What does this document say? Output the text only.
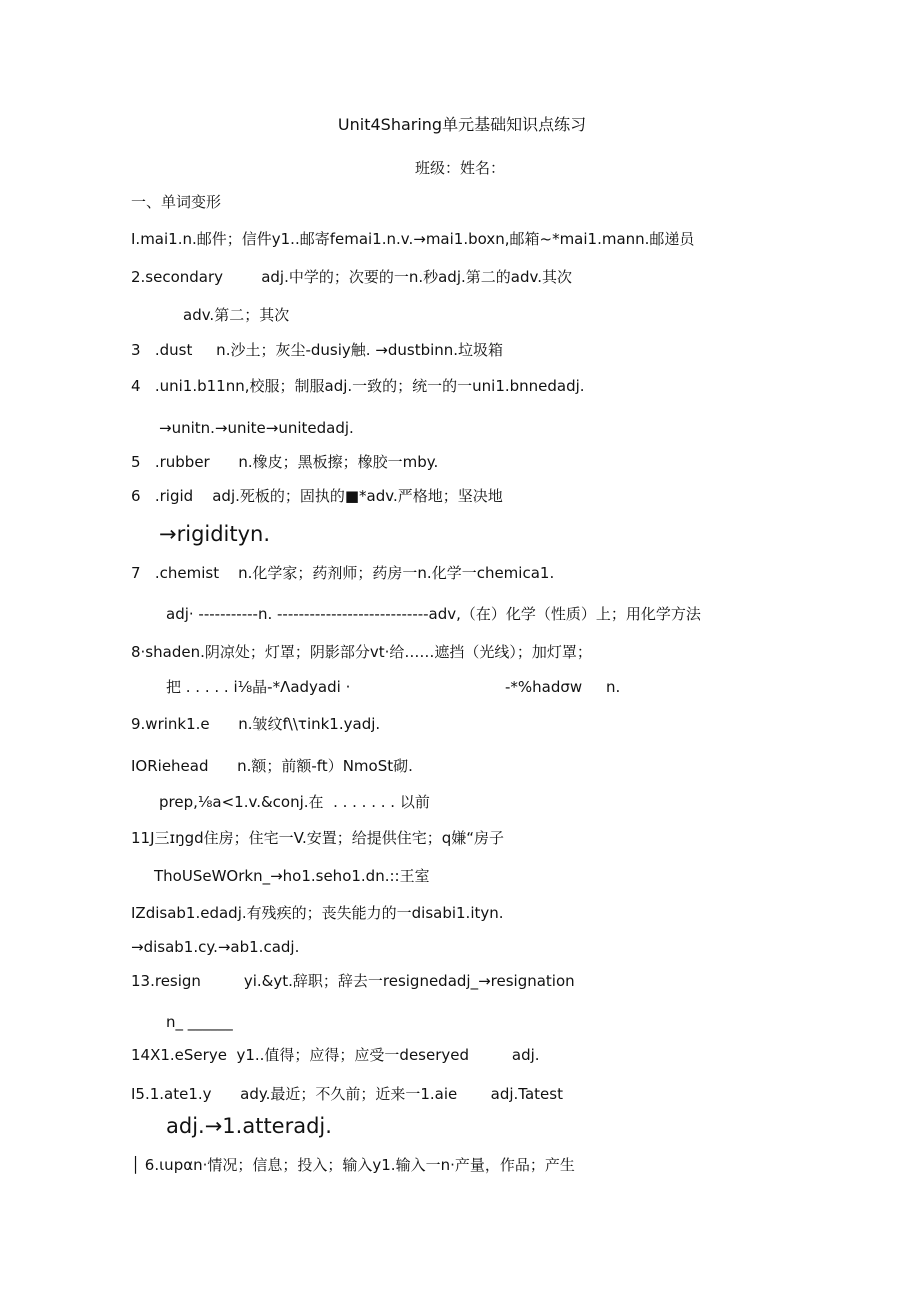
Unit4Sharing单元基础知识点练习
班级：姓名：
一、单词变形
I.mai1.n.邮件；信件y1..邮寄femai1.n.v.→mai1.boxn,邮箱~*mai1.mann.邮递员
2.secondary        adj.中学的；次要的一n.秒adj.第二的adv.其次
adv.第二；其次
3   .dust     n.沙土；灰尘-dusiy触. →dustbinn.垃圾箱
4   .uni1.b11nn,校服；制服adj.一致的；统一的一uni1.bnnedadj.
→unitn.→unite→unitedadj.
5   .rubber      n.橡皮；黑板擦；橡胶一mby.
6   .rigid    adj.死板的；固执的■*adv.严格地；坚决地
→rigidityn.
7   .chemist    n.化学家；药剂师；药房一n.化学一chemica1.
adj· -----------n. ----------------------------adv,（在）化学（性质）上；用化学方法
8·shaden.阴凉处；灯罩；阴影部分vt·给……遮挡（光线）；加灯罩；
把 . . . . . i⅛晶-*Λadyadi ·	-*%hadσw     n.
9.wrink1.e      n.皱纹f\\τink1.yadj.
IORiehead      n.额；前额-ft）NmoSt砌.
prep,⅛a<1.v.&conj.在  . . . . . . . 以前
11J三ɪŋgd住房；住宅一V.安置；给提供住宅；q嫌“房子
ThoUSeWOrkn_→ho1.seho1.dn.::王室
IZdisab1.edadj.有残疾的；丧失能力的一disabi1.ityn.
→disab1.cy.→ab1.cadj.
13.resign         yi.&yt.辞职；辞去一resignedadj_→resignation
n_ ______
14X1.eSerye  y1..值得；应得；应受一deseryed         adj.
I5.1.ate1.y      ady.最近；不久前；近来一1.aie       adj.Tatest
adj.→1.atteradj.
│ 6.ιupαn·情况；信息；投入；输入y1.输入一n·产量，作品；产生
